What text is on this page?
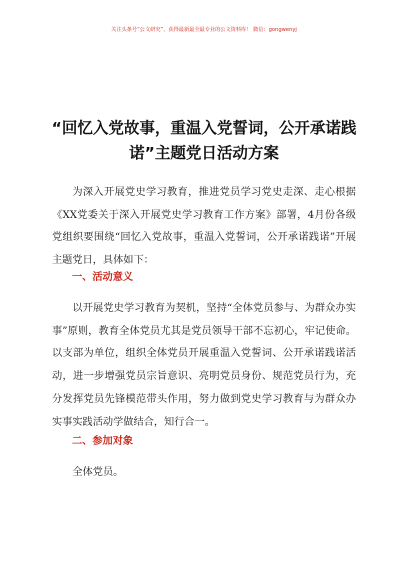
关注头条号“公文研究”，获得最新最全最专业的公文资料库！ 微信：gongwenyj
“回忆入党故事，重温入党誓词，公开承诺践诺”主题党日活动方案
为深入开展党史学习教育，推进党员学习党史走深、走心根据《XX党委关于深入开展党史学习教育工作方案》部署，4月份各级党组织要围绕“回忆入党故事，重温入党誓词，公开承诺践诺”开展主题党日，具体如下：
一、活动意义
以开展党史学习教育为契机，坚持“全体党员参与、为群众办实事”原则，教育全体党员尤其是党员领导干部不忘初心，牢记使命。以支部为单位，组织全体党员开展重温入党誓词、公开承诺践诺活动，进一步增强党员宗旨意识、亮明党员身份、规范党员行为，充分发挥党员先锋模范带头作用，努力做到党史学习教育与为群众办实事实践活动学做结合，知行合一。
二、参加对象
全体党员。
